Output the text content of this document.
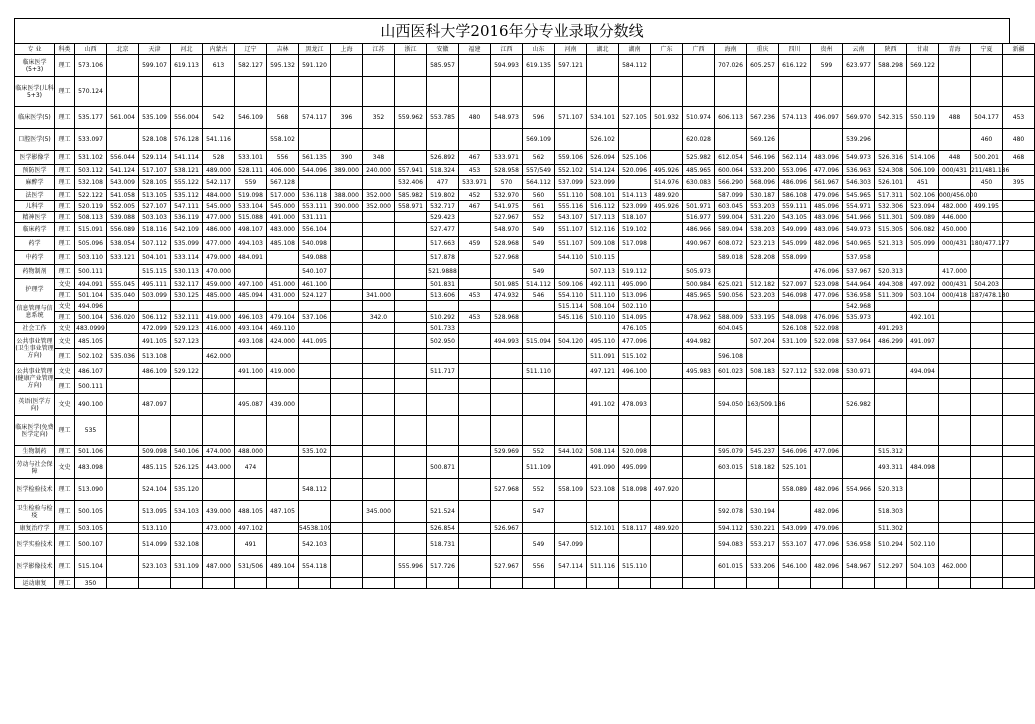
山西医科大学2016年分专业录取分数线
专 业	科类	山西	北京	天津	河北	内蒙古	辽宁	吉林	黑龙江	上海	江苏	浙江	安徽	福建	江西	山东	河南	湖北	湖南	广东	广西	海南	重庆	四川	贵州	云南	陕西	甘肃	青海	宁夏	新疆
临床医学(5+3)	理工	573.106		599.107	619.113	613	582.127	595.132	591.120				585.957		594.993	619.135	597.121		584.112			707.026	605.257	616.122	599	623.977	588.298	569.122			
临床医学(儿科5+3)	理工	570.124																													
临床医学(5)	理工	535.177	561.004	535.109	556.004	542	546.109	568	574.117	396	352	559.962	553.785	480	548.973	596	571.107	534.101	527.105	501.932	510.974	606.113	567.236	574.113	496.097	569.970	542.315	550.119	488	504.177	453
口腔医学(5)	理工	533.097		528.108	576.128	541.116		558.102								569.109		526.102			620.028		569.126			539.296				460	480
医学影像学	理工	531.102	556.044	529.114	541.114	528	533.101	556	561.135	390	348		526.892	467	533.971	562	559.106	526.094	525.106		525.982	612.054	546.196	562.114	483.096	549.973	526.316	514.106	448	500.201	468
预防医学	理工	503.112	541.124	517.107	538.121	489.000	528.111	406.000	544.096	389.000	240.000	557.941	518.324	453	528.958	557/549	552.102	514.124	520.096	495.926	485.965	600.064	533.200	553.096	477.096	536.963	524.308	506.109	000/431	211/481.186	
麻醉学	理工	532.108	543.009	528.105	555.122	542.117	559	567.128				532.406	477	533.971	570	564.112	537.099	523.099		514.976	630.083	566.290	568.096	486.096	561.967	546.303	526.101	451		450	395
法医学	理工	522.122	541.058	513.105	535.112	484.000	519.098	517.000	536.118	388.000	352.000	585.982	519.802	452	532.970	560	551.110	508.101	514.113	489.920		587.099	530.187	586.108	479.096	545.965	517.311	502.106	000/456.000		
儿科学	理工	520.119	552.005	527.107	547.111	545.000	533.104	545.000	553.111	390.000	352.000	558.971	532.717	467	541.975	561	555.116	516.112	523.099	495.926	501.971	603.045	553.203	559.111	485.096	554.971	532.306	523.094	482.000	499.195	
精神医学	理工	508.113	539.088	503.103	536.119	477.000	515.088	491.000	531.111				529.423		527.967	552	543.107	517.113	518.107		516.977	599.004	531.220	543.105	483.096	541.966	511.301	509.089	446.000		
临床药学	理工	515.091	556.089	518.116	542.109	486.000	498.107	483.000	556.104				527.477		548.970	549	551.107	512.116	519.102		486.966	589.094	538.203	549.099	483.096	549.973	515.305	506.082	450.000		
药学	理工	505.096	538.054	507.112	535.099	477.000	494.103	485.108	540.098				517.663	459	528.968	549	551.107	509.108	517.098		490.967	608.072	523.213	545.099	482.096	540.965	521.313	505.099	000/431	180/477.177	
中药学	理工	503.110	533.121	504.101	533.114	479.000	484.091		549.088				517.878		527.968		544.110	510.115				589.018	528.208	558.099		537.958					
药物制剂	理工	500.111		515.115	530.113	470.000			540.107				521.9888			549		507.113	519.112		505.973				476.096	537.967	520.313		417.000		
护理学	文史	494.091	555.045	495.111	532.117	459.000	497.100	451.000	461.100				501.831		501.985	514.112	509.106	492.111	495.090		500.984	625.021	512.182	527.097	523.098	544.964	494.308	497.092	000/431	504.203	
	理工	501.104	535.040	503.099	530.125	485.000	485.094	431.000	524.127		341.000		513.606	453	474.932	546	554.110	511.110	513.096		485.965	590.056	523.203	546.098	477.096	536.958	511.309	503.104	000/418	187/478.180	
信息管理与信息系统	文史	494.096															515.114	508.104	502.110							542.968					
	理工	500.104	536.020	506.112	532.111	419.000	496.103	479.104	537.106		342.0		510.292	453	528.968		545.116	510.110	514.095		478.962	588.009	533.195	548.098	476.096	535.973		492.101			
社会工作	文史	483.0999		472.099	529.123	416.000	493.104	469.110					501.733						476.105			604.045		526.108	522.098		491.293				
公共事业管理(卫生事业管理方向)	文史	485.105		491.105	527.123		493.108	424.000	441.095				502.950		494.993	515.094	504.120	495.110	477.096		494.982		507.204	531.109	522.098	537.964	486.299	491.097			
	理工	502.102	535.036	513.108		462.000												511.091	515.102			596.108									
公共事业管理(健康产业管理方向)	文史	486.107		486.109	529.122		491.100	419.000					511.717			511.110		497.121	496.100		495.983	601.023	508.183	527.112	532.098	530.971		494.094			
	理工	500.111																													
英语(医学方向)	文史	490.100		487.097			495.087	439.000										491.102	478.093			594.050	163/509.186			526.982					
临床医学(免费医学定向)	理工	535																													
生物制药	理工	501.106		509.098	540.106	474.000	488.000		535.102						529.969	552	544.102	508.114	520.098			595.079	545.237	546.096	477.096		515.312				
劳动与社会保障	文史	483.098		485.115	526.125	443.000	474						500.871			511.109		491.090	495.099			603.015	518.182	525.101			493.311	484.098			
医学检验技术	理工	513.090		524.104	535.120				548.112						527.968	552	558.109	523.108	518.098	497.920				558.089	482.096	554.966	520.313				
卫生检验与检疫	理工	500.105		513.095	534.103	439.000	488.105	487.105			345.000		521.524			547						592.078	530.194		482.096		518.303				
康复治疗学	理工	503.105		513.110		473.000	497.102		54538.109				526.854		526.967			512.101	518.117	489.920		594.112	530.221	543.099	479.096		511.302				
医学实验技术	理工	500.107		514.099	532.108		491		542.103				518.731			549	547.099					594.083	553.217	553.107	477.096	536.958	510.294	502.110			
医学影像技术	理工	515.104		523.103	531.109	487.000	531/506	489.104	554.118			555.996	517.726		527.967	556	547.114	511.116	515.110			601.015	533.206	546.100	482.096	548.967	512.297	504.103	462.000		
运动康复	理工	350																													
